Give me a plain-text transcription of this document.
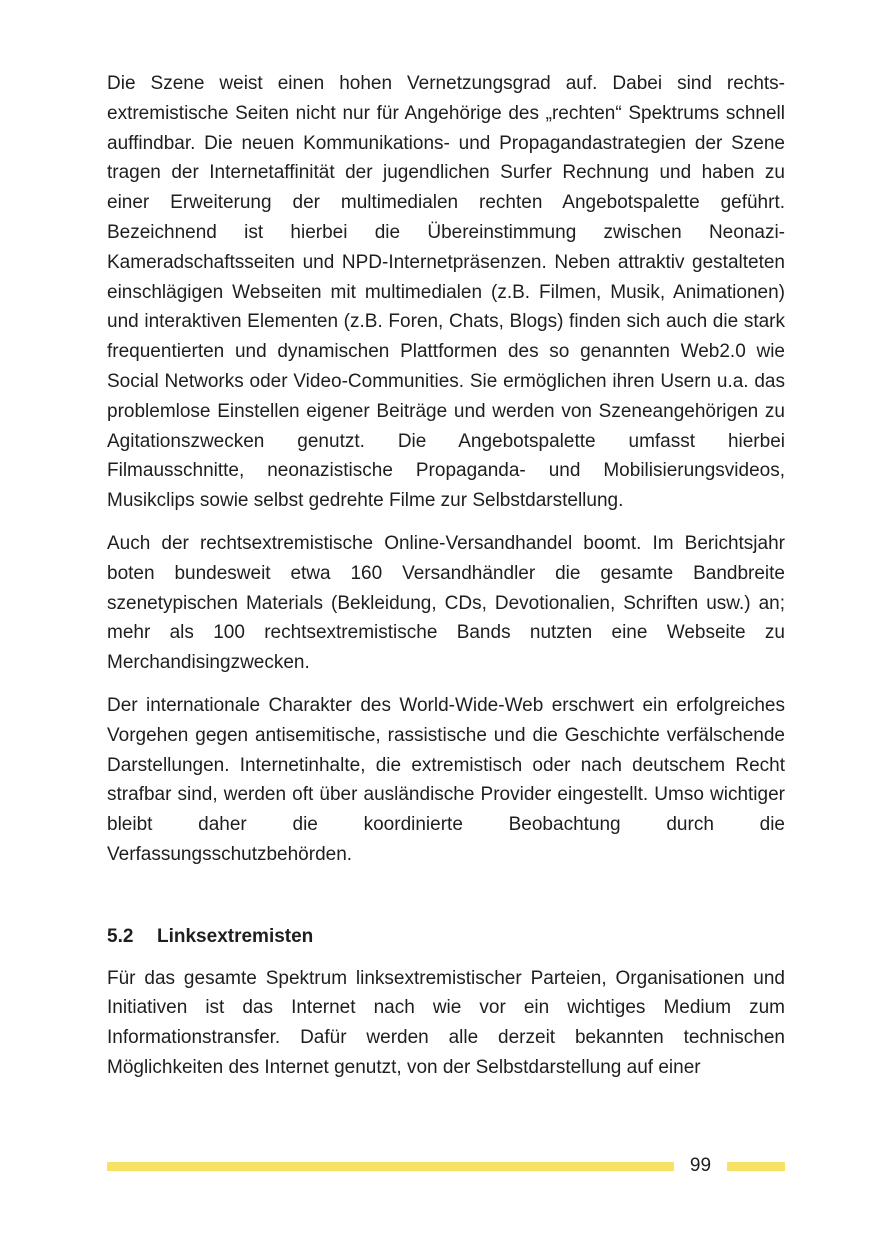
Die Szene weist einen hohen Vernetzungsgrad auf. Dabei sind rechtsextremistische Seiten nicht nur für Angehörige des „rechten“ Spektrums schnell auffindbar. Die neuen Kommunikations- und Propagandastrategien der Szene tragen der Internetaffinität der jugendlichen Surfer Rechnung und haben zu einer Erweiterung der multimedialen rechten Angebotspalette geführt. Bezeichnend ist hierbei die Übereinstimmung zwischen Neonazi-Kameradschaftsseiten und NPD-Internetpräsenzen. Neben attraktiv gestalteten einschlägigen Webseiten mit multimedialen (z.B. Filmen, Musik, Animationen) und interaktiven Elementen (z.B. Foren, Chats, Blogs) finden sich auch die stark frequentierten und dynamischen Plattformen des so genannten Web2.0 wie Social Networks oder Video-Communities. Sie ermöglichen ihren Usern u.a. das problemlose Einstellen eigener Beiträge und werden von Szeneangehörigen zu Agitationszwecken genutzt. Die Angebotspalette umfasst hierbei Filmausschnitte, neonazistische Propaganda- und Mobilisierungsvideos, Musikclips sowie selbst gedrehte Filme zur Selbstdarstellung.

Auch der rechtsextremistische Online-Versandhandel boomt. Im Berichtsjahr boten bundesweit etwa 160 Versandhändler die gesamte Bandbreite szenetypischen Materials (Bekleidung, CDs, Devotionalien, Schriften usw.) an; mehr als 100 rechtsextremistische Bands nutzten eine Webseite zu Merchandisingzwecken.

Der internationale Charakter des World-Wide-Web erschwert ein erfolgreiches Vorgehen gegen antisemitische, rassistische und die Geschichte verfälschende Darstellungen. Internetinhalte, die extremistisch oder nach deutschem Recht strafbar sind, werden oft über ausländische Provider eingestellt. Umso wichtiger bleibt daher die koordinierte Beobachtung durch die Verfassungsschutzbehörden.

5.2 Linksextremisten

Für das gesamte Spektrum linksextremistischer Parteien, Organisationen und Initiativen ist das Internet nach wie vor ein wichtiges Medium zum Informationstransfer. Dafür werden alle derzeit bekannten technischen Möglichkeiten des Internet genutzt, von der Selbstdarstellung auf einer

99
